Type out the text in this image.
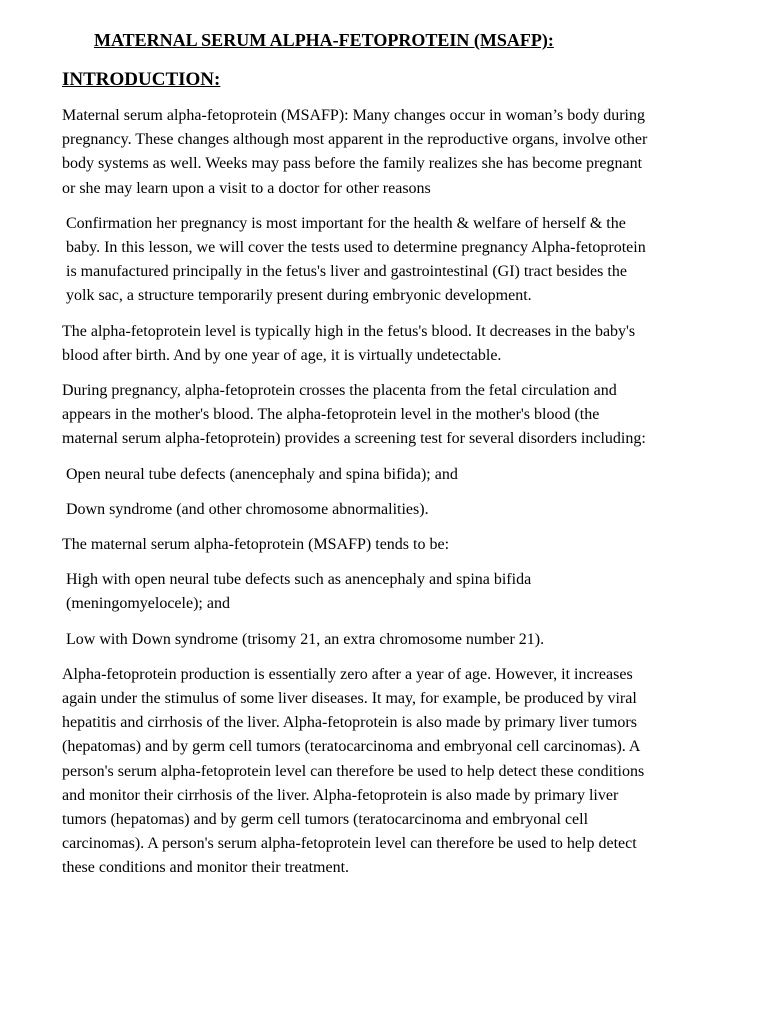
MATERNAL SERUM ALPHA-FETOPROTEIN (MSAFP):
INTRODUCTION:

Maternal serum alpha-fetoprotein (MSAFP): Many changes occur in woman’s body during pregnancy. These changes although most apparent in the reproductive organs, involve other body systems as well. Weeks may pass before the family realizes she has become pregnant or she may learn upon a visit to a doctor for other reasons

Confirmation her pregnancy is most important for the health & welfare of herself & the baby. In this lesson, we will cover the tests used to determine pregnancy Alpha-fetoprotein is manufactured principally in the fetus's liver and gastrointestinal (GI) tract besides the yolk sac, a structure temporarily present during embryonic development.

The alpha-fetoprotein level is typically high in the fetus's blood. It decreases in the baby's blood after birth. And by one year of age, it is virtually undetectable.

During pregnancy, alpha-fetoprotein crosses the placenta from the fetal circulation and appears in the mother's blood. The alpha-fetoprotein level in the mother's blood (the maternal serum alpha-fetoprotein) provides a screening test for several disorders including:

Open neural tube defects (anencephaly and spina bifida); and

Down syndrome (and other chromosome abnormalities).

The maternal serum alpha-fetoprotein (MSAFP) tends to be:

High with open neural tube defects such as anencephaly and spina bifida (meningomyelocele); and

Low with Down syndrome (trisomy 21, an extra chromosome number 21).

Alpha-fetoprotein production is essentially zero after a year of age. However, it increases again under the stimulus of some liver diseases. It may, for example, be produced by viral hepatitis and cirrhosis of the liver. Alpha-fetoprotein is also made by primary liver tumors (hepatomas) and by germ cell tumors (teratocarcinoma and embryonal cell carcinomas). A person's serum alpha-fetoprotein level can therefore be used to help detect these conditions and monitor their cirrhosis of the liver. Alpha-fetoprotein is also made by primary liver tumors (hepatomas) and by germ cell tumors (teratocarcinoma and embryonal cell carcinomas). A person's serum alpha-fetoprotein level can therefore be used to help detect these conditions and monitor their treatment.
